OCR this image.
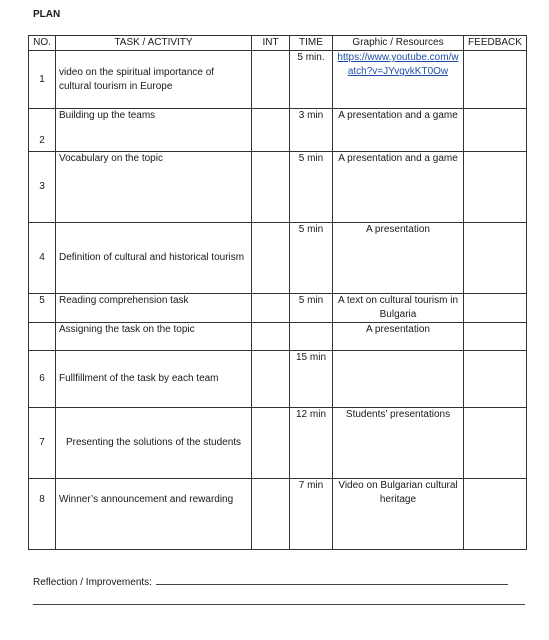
PLAN
NO.	TASK / ACTIVITY	INT	TIME	Graphic / Resources	FEEDBACK
1	video on the spiritual importance of cultural tourism in Europe		5 min.	https://www.youtube.com/watch?v=JYvgvkKT0Ow	
2	Building up the teams		3 min	A presentation and a game	
3	Vocabulary on the topic		5 min	A presentation and a game	
4	Definition of cultural and historical tourism		5 min	A presentation	
5	Reading comprehension task		5 min	A text on cultural tourism in Bulgaria	
	Assigning the task on the topic			A presentation	
6	Fullfillment of the task by each team		15 min		
7	Presenting the solutions of the students		12 min	Students’ presentations	
8	Winner’s announcement and rewarding		7 min	Video on Bulgarian cultural heritage	
Reflection / Improvements:
